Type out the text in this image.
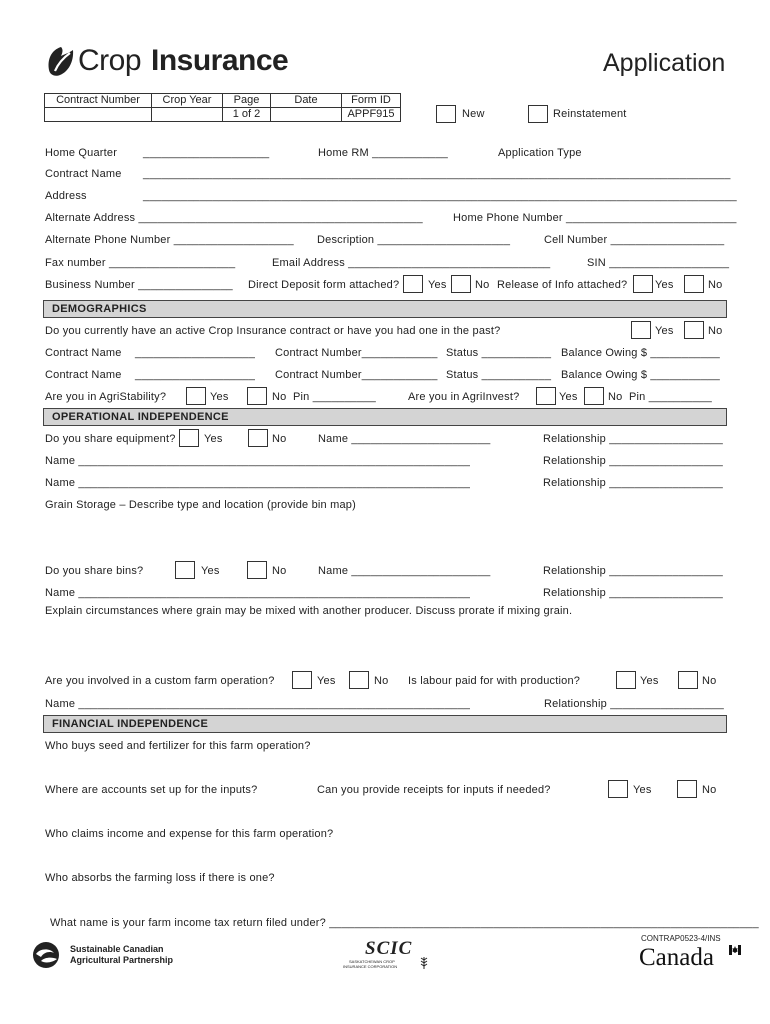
Crop Insurance	Application
Contract Number	Crop Year	Page	Date	Form ID
		1 of 2		APPF915	New	Reinstatement
Home Quarter ____________________	Home RM ____________	Application Type
Contract Name _____________________________________________________________________________________________
Address	______________________________________________________________________________________________
Alternate Address _____________________________________________	Home Phone Number ___________________________
Alternate Phone Number ___________________ Description _____________________	Cell Number __________________
Fax number ____________________	Email Address ________________________________	SIN ___________________
Business Number _______________ Direct Deposit form attached?	Yes	No Release of Info attached?	Yes	No
DEMOGRAPHICS
Do you currently have an active Crop Insurance contract or have you had one in the past?	Yes	No
Contract Name ___________________ Contract Number____________ Status ___________ Balance Owing $ ___________
Contract Name ___________________ Contract Number____________ Status ___________ Balance Owing $ ___________
Are you in AgriStability?	Yes	No Pin __________	Are you in AgriInvest?	Yes	No Pin __________
OPERATIONAL INDEPENDENCE
Do you share equipment?	Yes	No	Name ______________________	Relationship __________________
Name ______________________________________________________________	Relationship __________________
Name ______________________________________________________________	Relationship __________________
Grain Storage – Describe type and location (provide bin map)
Do you share bins?	Yes	No	Name ______________________	Relationship __________________
Name ______________________________________________________________	Relationship __________________
Explain circumstances where grain may be mixed with another producer. Discuss prorate if mixing grain.
Are you involved in a custom farm operation?	Yes	No Is labour paid for with production?	Yes	No
Name ______________________________________________________________	Relationship __________________
FINANCIAL INDEPENDENCE
Who buys seed and fertilizer for this farm operation?
Where are accounts set up for the inputs?	Can you provide receipts for inputs if needed?	Yes	No
Who claims income and expense for this farm operation?
Who absorbs the farming loss if there is one?
What name is your farm income tax return filed under? ____________________________________________________________________
CONTRAP0523-4/INS
Sustainable Canadian
Agricultural Partnership
SCIC
SASKATCHEWAN CROP
INSURANCE CORPORATION	Canada
